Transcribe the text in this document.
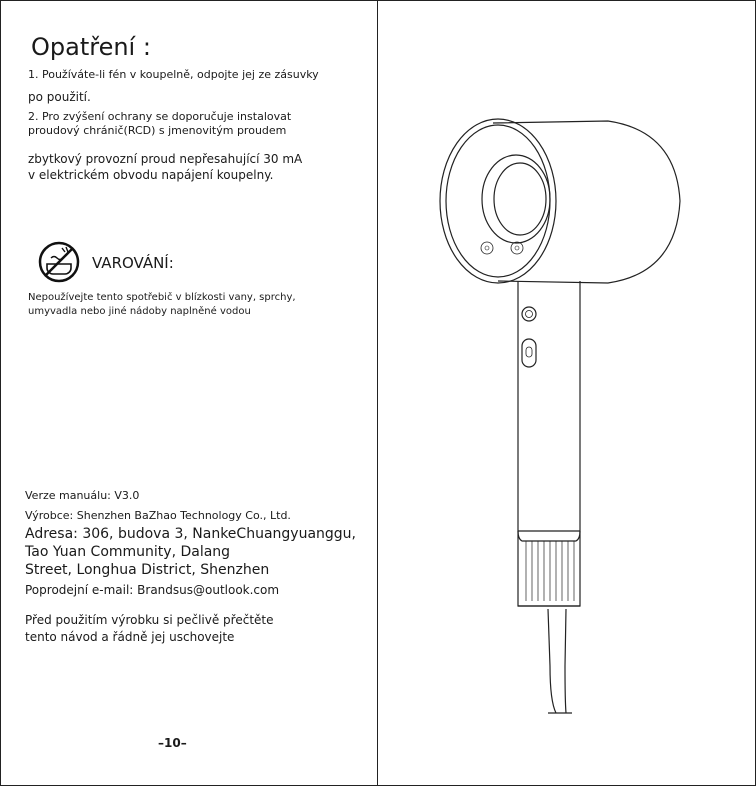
Opatření :
1. Používáte-li fén v koupelně, odpojte jej ze zásuvky
po použití.
2. Pro zvýšení ochrany se doporučuje instalovat
proudový chránič(RCD) s jmenovitým proudem
zbytkový provozní proud nepřesahující 30 mA
v elektrickém obvodu napájení koupelny.
VAROVÁNÍ:
Nepoužívejte tento spotřebič v blízkosti vany, sprchy,
umyvadla nebo jiné nádoby naplněné vodou
Verze manuálu: V3.0
Výrobce: Shenzhen BaZhao Technology Co., Ltd.
Adresa: 306, budova 3, NankeChuangyuanggu,
Tao Yuan Community, Dalang
Street, Longhua District, Shenzhen
Poprodejní e-mail: Brandsus@outlook.com
Před použitím výrobku si pečlivě přečtěte
tento návod a řádně jej uschovejte
–10–
